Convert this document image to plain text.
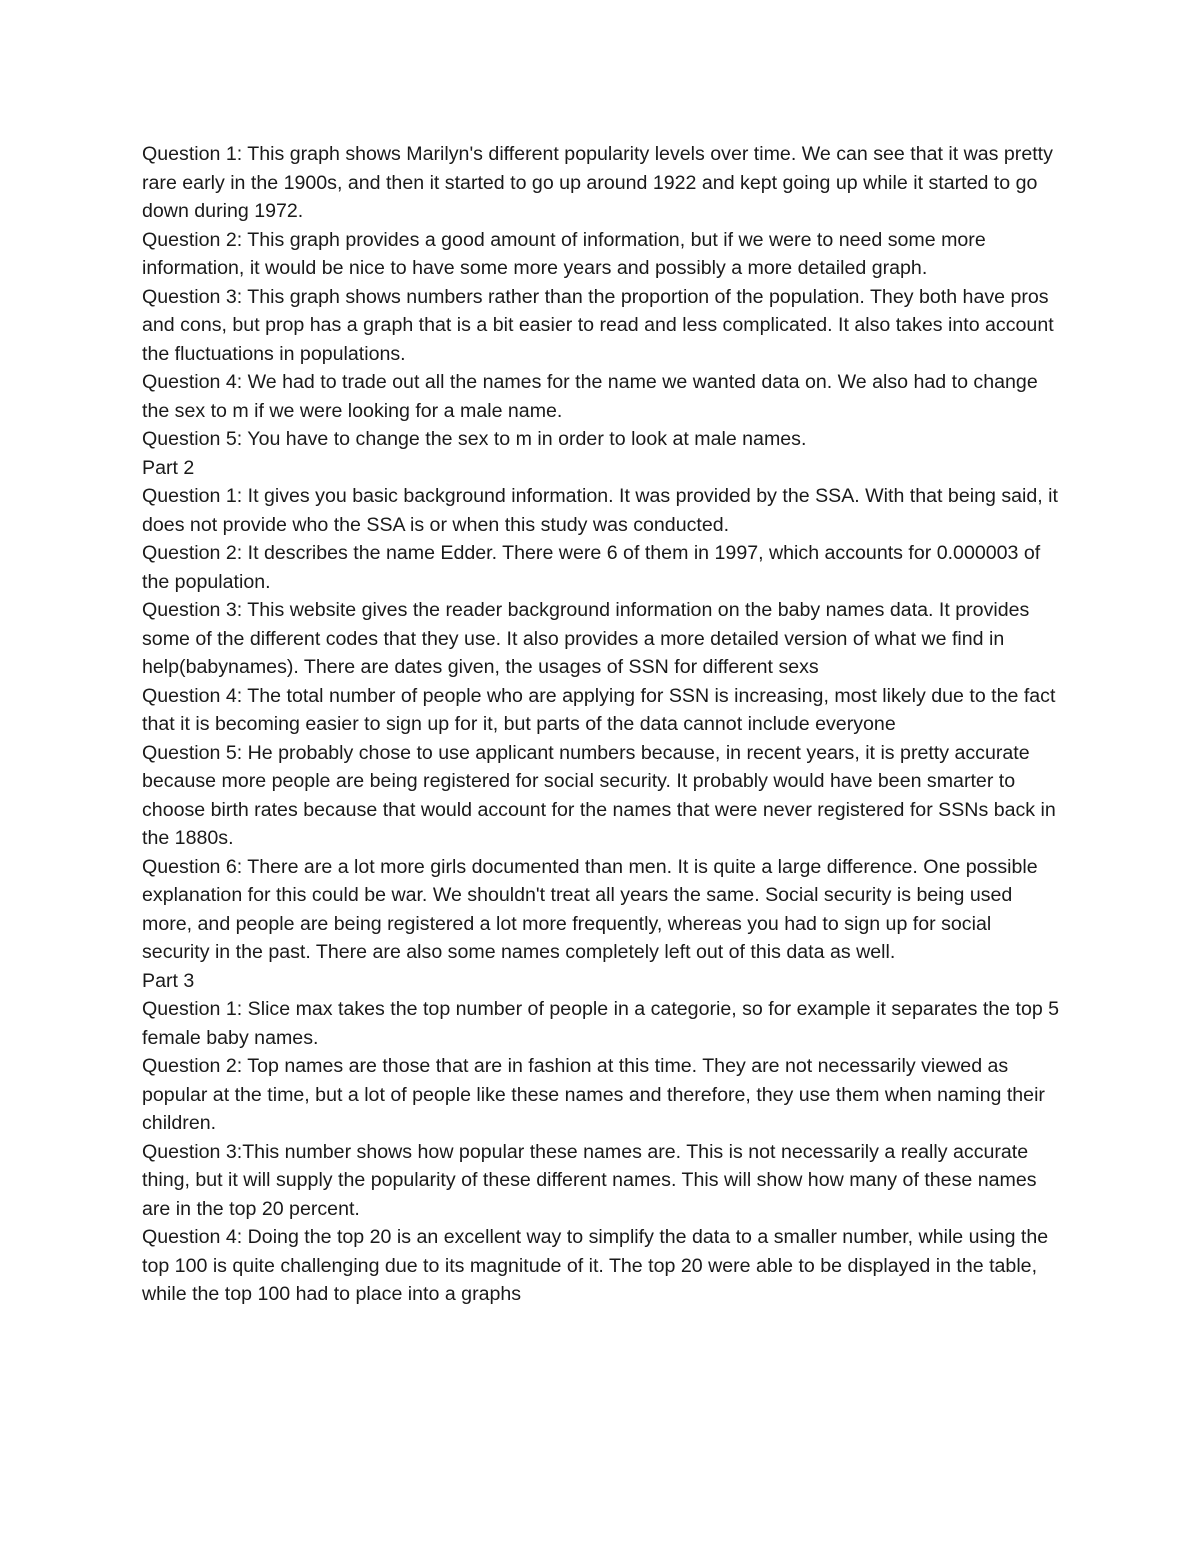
Question 1: This graph shows Marilyn's different popularity levels over time. We can see that it was pretty rare early in the 1900s, and then it started to go up around 1922 and kept going up while it started to go down during 1972.

Question 2: This graph provides a good amount of information, but if we were to need some more information, it would be nice to have some more years and possibly a more detailed graph.

Question 3: This graph shows numbers rather than the proportion of the population. They both have pros and cons, but prop has a graph that is a bit easier to read and less complicated. It also takes into account the fluctuations in populations.

Question 4: We had to trade out all the names for the name we wanted data on. We also had to change the sex to m if we were looking for a male name.

Question 5: You have to change the sex to m in order to look at male names.

Part 2

Question 1: It gives you basic background information. It was provided by the SSA. With that being said, it does not provide who the SSA is or when this study was conducted.

Question 2: It describes the name Edder. There were 6 of them in 1997, which accounts for 0.000003 of the population.

Question 3: This website gives the reader background information on the baby names data. It provides some of the different codes that they use. It also provides a more detailed version of what we find in help(babynames). There are dates given, the usages of SSN for different sexs

Question 4: The total number of people who are applying for SSN is increasing, most likely due to the fact that it is becoming easier to sign up for it, but parts of the data cannot include everyone

Question 5: He probably chose to use applicant numbers because, in recent years, it is pretty accurate because more people are being registered for social security. It probably would have been smarter to choose birth rates because that would account for the names that were never registered for SSNs back in the 1880s.

Question 6: There are a lot more girls documented than men. It is quite a large difference. One possible explanation for this could be war. We shouldn't treat all years the same. Social security is being used more, and people are being registered a lot more frequently, whereas you had to sign up for social security in the past. There are also some names completely left out of this data as well.

Part 3

Question 1: Slice max takes the top number of people in a categorie, so for example it separates the top 5 female baby names.

Question 2: Top names are those that are in fashion at this time. They are not necessarily viewed as popular at the time, but a lot of people like these names and therefore, they use them when naming their children.

Question 3:This number shows how popular these names are. This is not necessarily a really accurate thing, but it will supply the popularity of these different names. This will show how many of these names are in the top 20 percent.

Question 4: Doing the top 20 is an excellent way to simplify the data to a smaller number, while using the top 100 is quite challenging due to its magnitude of it. The top 20 were able to be displayed in the table, while the top 100 had to place into a graphs
